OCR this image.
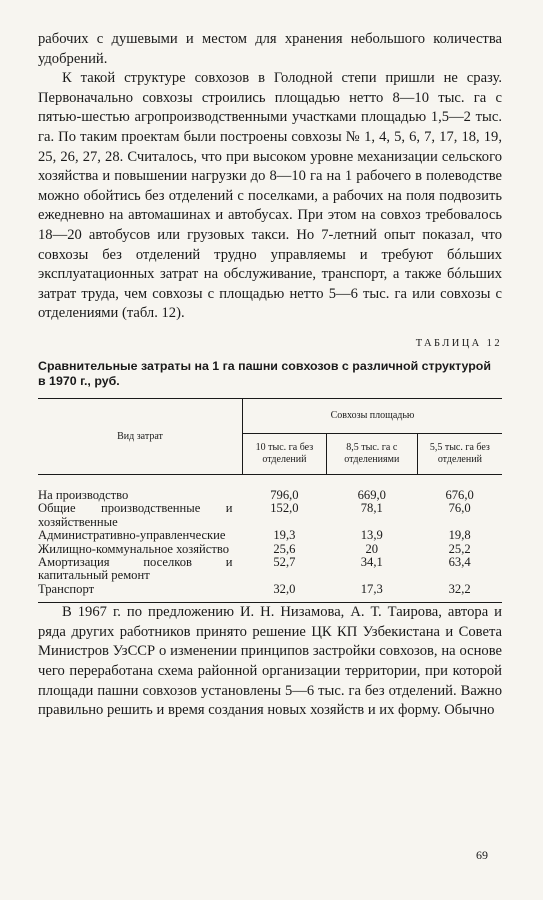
рабочих с душевыми и местом для хранения небольшого количества удобрений.

К такой структуре совхозов в Голодной степи пришли не сразу. Первоначально совхозы строились площадью нетто 8—10 тыс. га с пятью-шестью агропроизводственными участками площадью 1,5—2 тыс. га. По таким проектам были построены совхозы № 1, 4, 5, 6, 7, 17, 18, 19, 25, 26, 27, 28. Считалось, что при высоком уровне механизации сельского хозяйства и повышении нагрузки до 8—10 га на 1 рабочего в полеводстве можно обойтись без отделений с поселками, а рабочих на поля подвозить ежедневно на автомашинах и автобусах. При этом на совхоз требовалось 18—20 автобусов или грузовых такси. Но 7-летний опыт показал, что совхозы без отделений трудно управляемы и требуют бóльших эксплуатационных затрат на обслуживание, транспорт, а также бóльших затрат труда, чем совхозы с площадью нетто 5—6 тыс. га или совхозы с отделениями (табл. 12).

ТАБЛИЦА 12

Сравнительные затраты на 1 га пашни совхозов с различной структурой в 1970 г., руб.

Вид затрат	Совхозы площадью		
	10 тыс. га без отделений	8,5 тыс. га с отделениями	5,5 тыс. га без отделений
На производство	796,0	669,0	676,0
Общие производственные и хозяйственные	152,0	78,1	76,0
Административно-управленческие	19,3	13,9	19,8
Жилищно-коммунальное хозяйство	25,6	20	25,2
Амортизация поселков и капитальный ремонт	52,7	34,1	63,4
Транспорт	32,0	17,3	32,2

В 1967 г. по предложению И. Н. Низамова, А. Т. Таирова, автора и ряда других работников принято решение ЦК КП Узбекистана и Совета Министров УзССР о изменении принципов застройки совхозов, на основе чего переработана схема районной организации территории, при которой площади пашни совхозов установлены 5—6 тыс. га без отделений. Важно правильно решить и время создания новых хозяйств и их форму. Обычно

69
